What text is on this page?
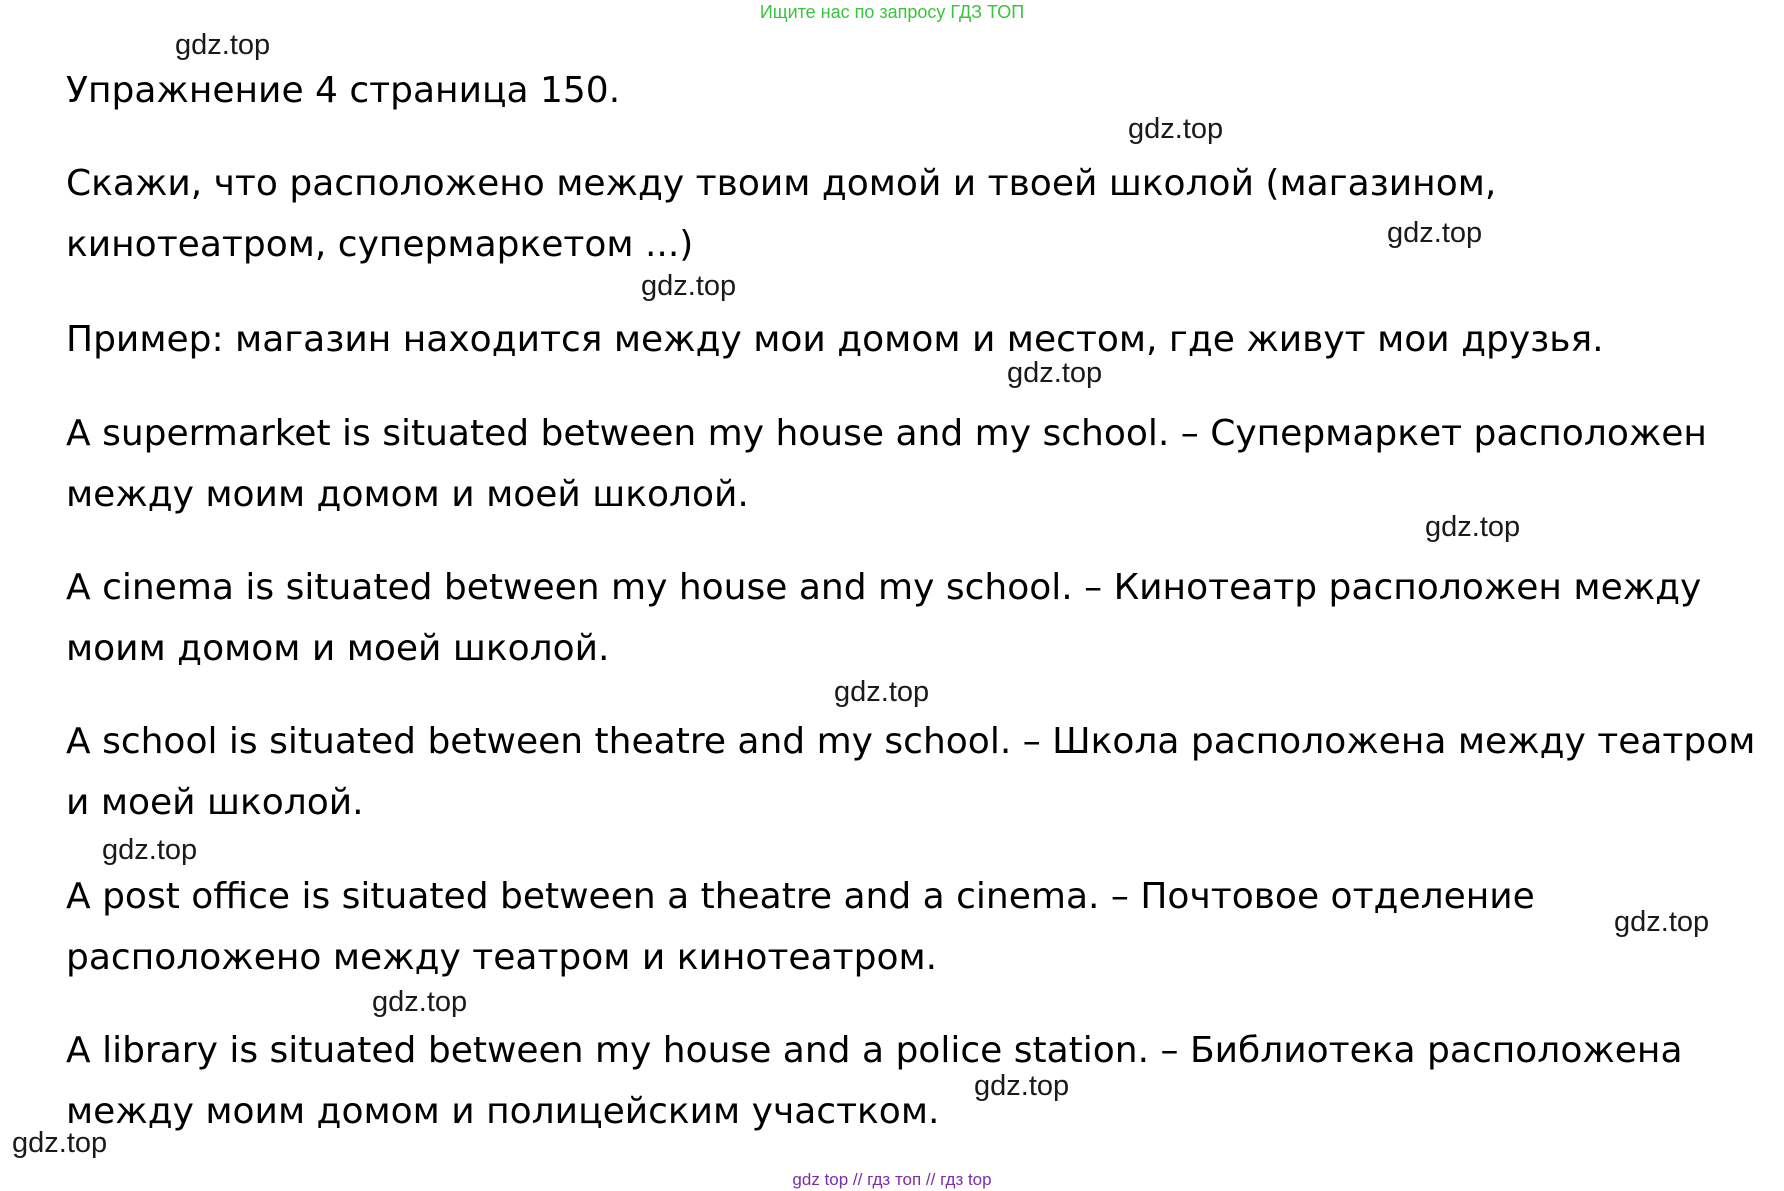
Ищите нас по запросу ГДЗ ТОП
Упражнение 4 страница 150.

Скажи, что расположено между твоим домой и твоей школой (магазином, кинотеатром, супермаркетом ...)

Пример: магазин находится между мои домом и местом, где живут мои друзья.

A supermarket is situated between my house and my school. – Супермаркет расположен между моим домом и моей школой.

A cinema is situated between my house and my school. – Кинотеатр расположен между моим домом и моей школой.

A school is situated between theatre and my school. – Школа расположена между театром и моей школой.

A post office is situated between a theatre and a cinema. – Почтовое отделение расположено между театром и кинотеатром.

A library is situated between my house and a police station. – Библиотека расположена между моим домом и полицейским участком.

gdz.top
gdz.top
gdz.top
gdz.top
gdz.top
gdz.top
gdz.top
gdz.top
gdz.top
gdz.top
gdz.top
gdz.top
gdz top // гдз топ // гдз top
